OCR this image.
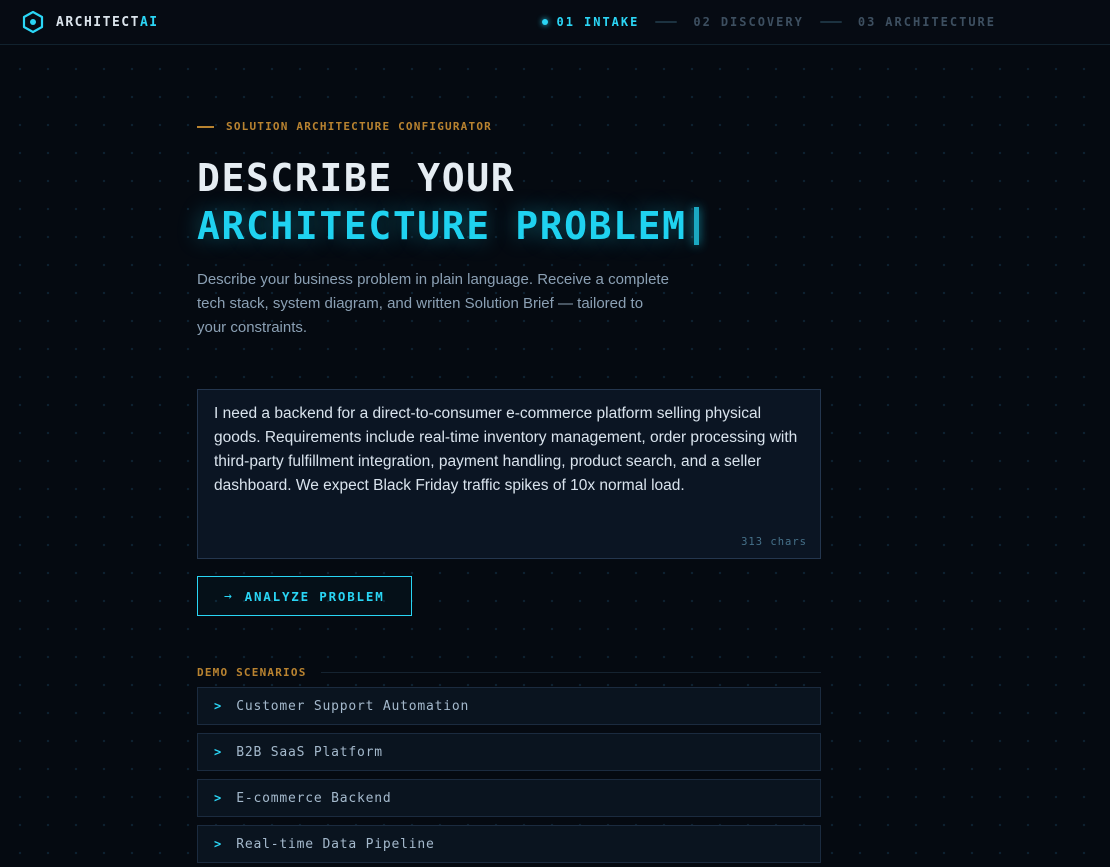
ARCHITECTAI	01 INTAKE	02 DISCOVERY	03 ARCHITECTURE
SOLUTION ARCHITECTURE CONFIGURATOR
DESCRIBE YOUR
ARCHITECTURE PROBLEM

Describe your business problem in plain language. Receive a complete tech stack, system diagram, and written Solution Brief — tailored to your constraints.

I need a backend for a direct-to-consumer e-commerce platform selling physical goods. Requirements include real-time inventory management, order processing with third-party fulfillment integration, payment handling, product search, and a seller dashboard. We expect Black Friday traffic spikes of 10x normal load.
313 chars
→ ANALYZE PROBLEM
DEMO SCENARIOS
> Customer Support Automation
> B2B SaaS Platform
> E-commerce Backend
> Real-time Data Pipeline
